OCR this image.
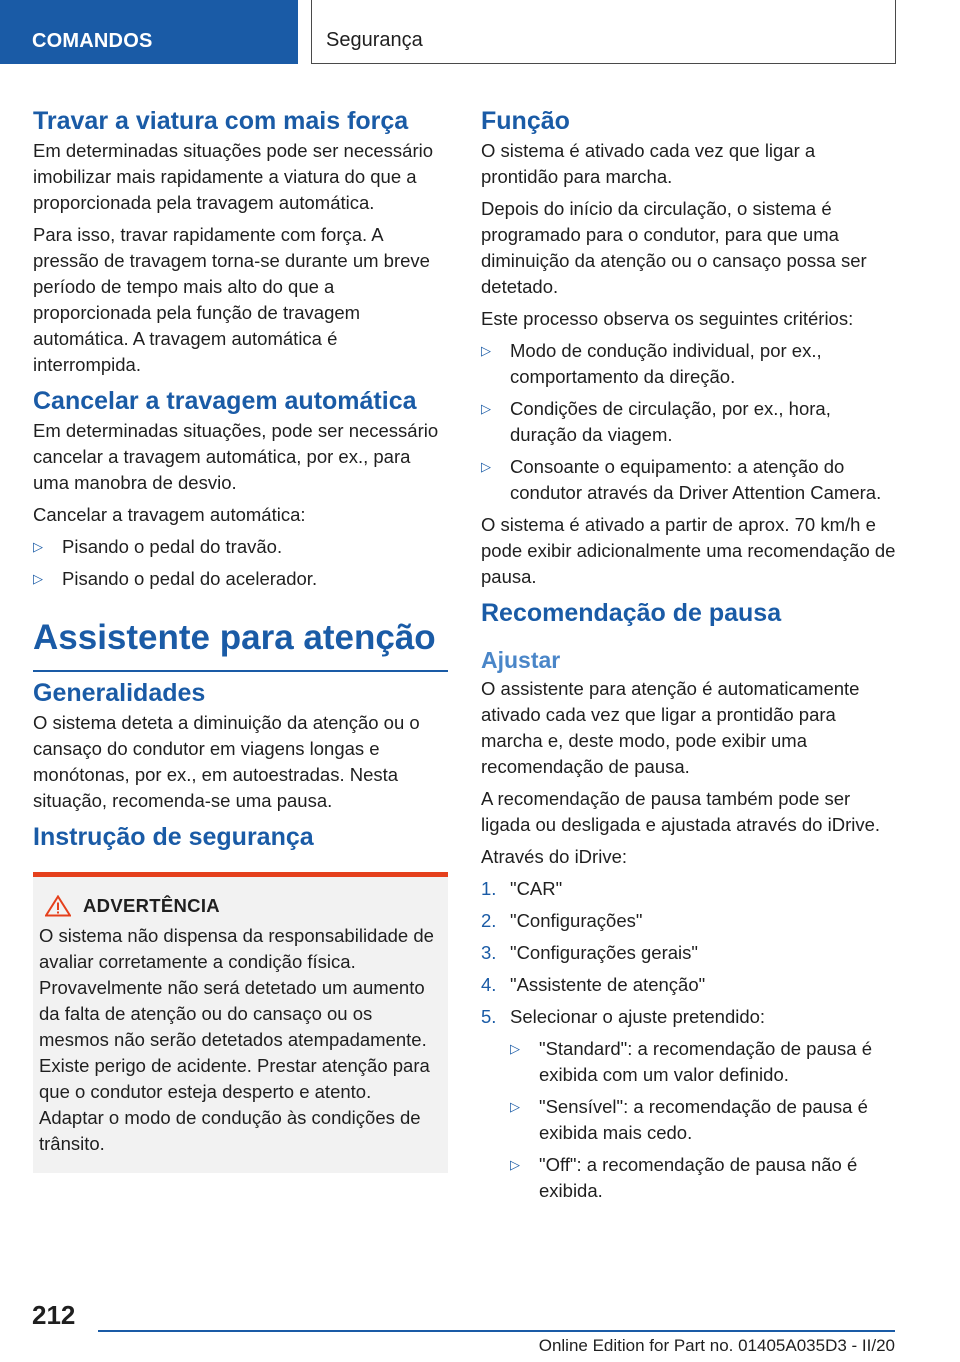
COMANDOS	Segurança
Travar a viatura com mais força

Em determinadas situações pode ser necessário imobilizar mais rapidamente a viatura do que a proporcionada pela travagem automática.

Para isso, travar rapidamente com força. A pressão de travagem torna-se durante um breve período de tempo mais alto do que a proporcionada pela função de travagem automática. A travagem automática é interrompida.

Cancelar a travagem automática

Em determinadas situações, pode ser necessário cancelar a travagem automática, por ex., para uma manobra de desvio.

Cancelar a travagem automática:

▷ Pisando o pedal do travão.
▷ Pisando o pedal do acelerador.
Assistente para atenção
Generalidades

O sistema deteta a diminuição da atenção ou o cansaço do condutor em viagens longas e monótonas, por ex., em autoestradas. Nesta situação, recomenda-se uma pausa.

Instrução de segurança
ADVERTÊNCIA

O sistema não dispensa da responsabilidade de avaliar corretamente a condição física. Provavelmente não será detetado um aumento da falta de atenção ou do cansaço ou os mesmos não serão detetados atempadamente. Existe perigo de acidente. Prestar atenção para que o condutor esteja desperto e atento. Adaptar o modo de condução às condições de trânsito.

Função

O sistema é ativado cada vez que ligar a prontidão para marcha.

Depois do início da circulação, o sistema é programado para o condutor, para que uma diminuição da atenção ou o cansaço possa ser detetado.

Este processo observa os seguintes critérios:

▷ Modo de condução individual, por ex., comportamento da direção.
▷ Condições de circulação, por ex., hora, duração da viagem.
▷ Consoante o equipamento: a atenção do condutor através da Driver Attention Camera.

O sistema é ativado a partir de aprox. 70 km/h e pode exibir adicionalmente uma recomendação de pausa.

Recomendação de pausa
Ajustar

O assistente para atenção é automaticamente ativado cada vez que ligar a prontidão para marcha e, deste modo, pode exibir uma recomendação de pausa.

A recomendação de pausa também pode ser ligada ou desligada e ajustada através do iDrive.

Através do iDrive:

1. "CAR"
2. "Configurações"
3. "Configurações gerais"
4. "Assistente de atenção"
5. Selecionar o ajuste pretendido:
▷ "Standard": a recomendação de pausa é exibida com um valor definido.
▷ "Sensível": a recomendação de pausa é exibida mais cedo.
▷ "Off": a recomendação de pausa não é exibida.
212
Online Edition for Part no. 01405A035D3 - II/20
